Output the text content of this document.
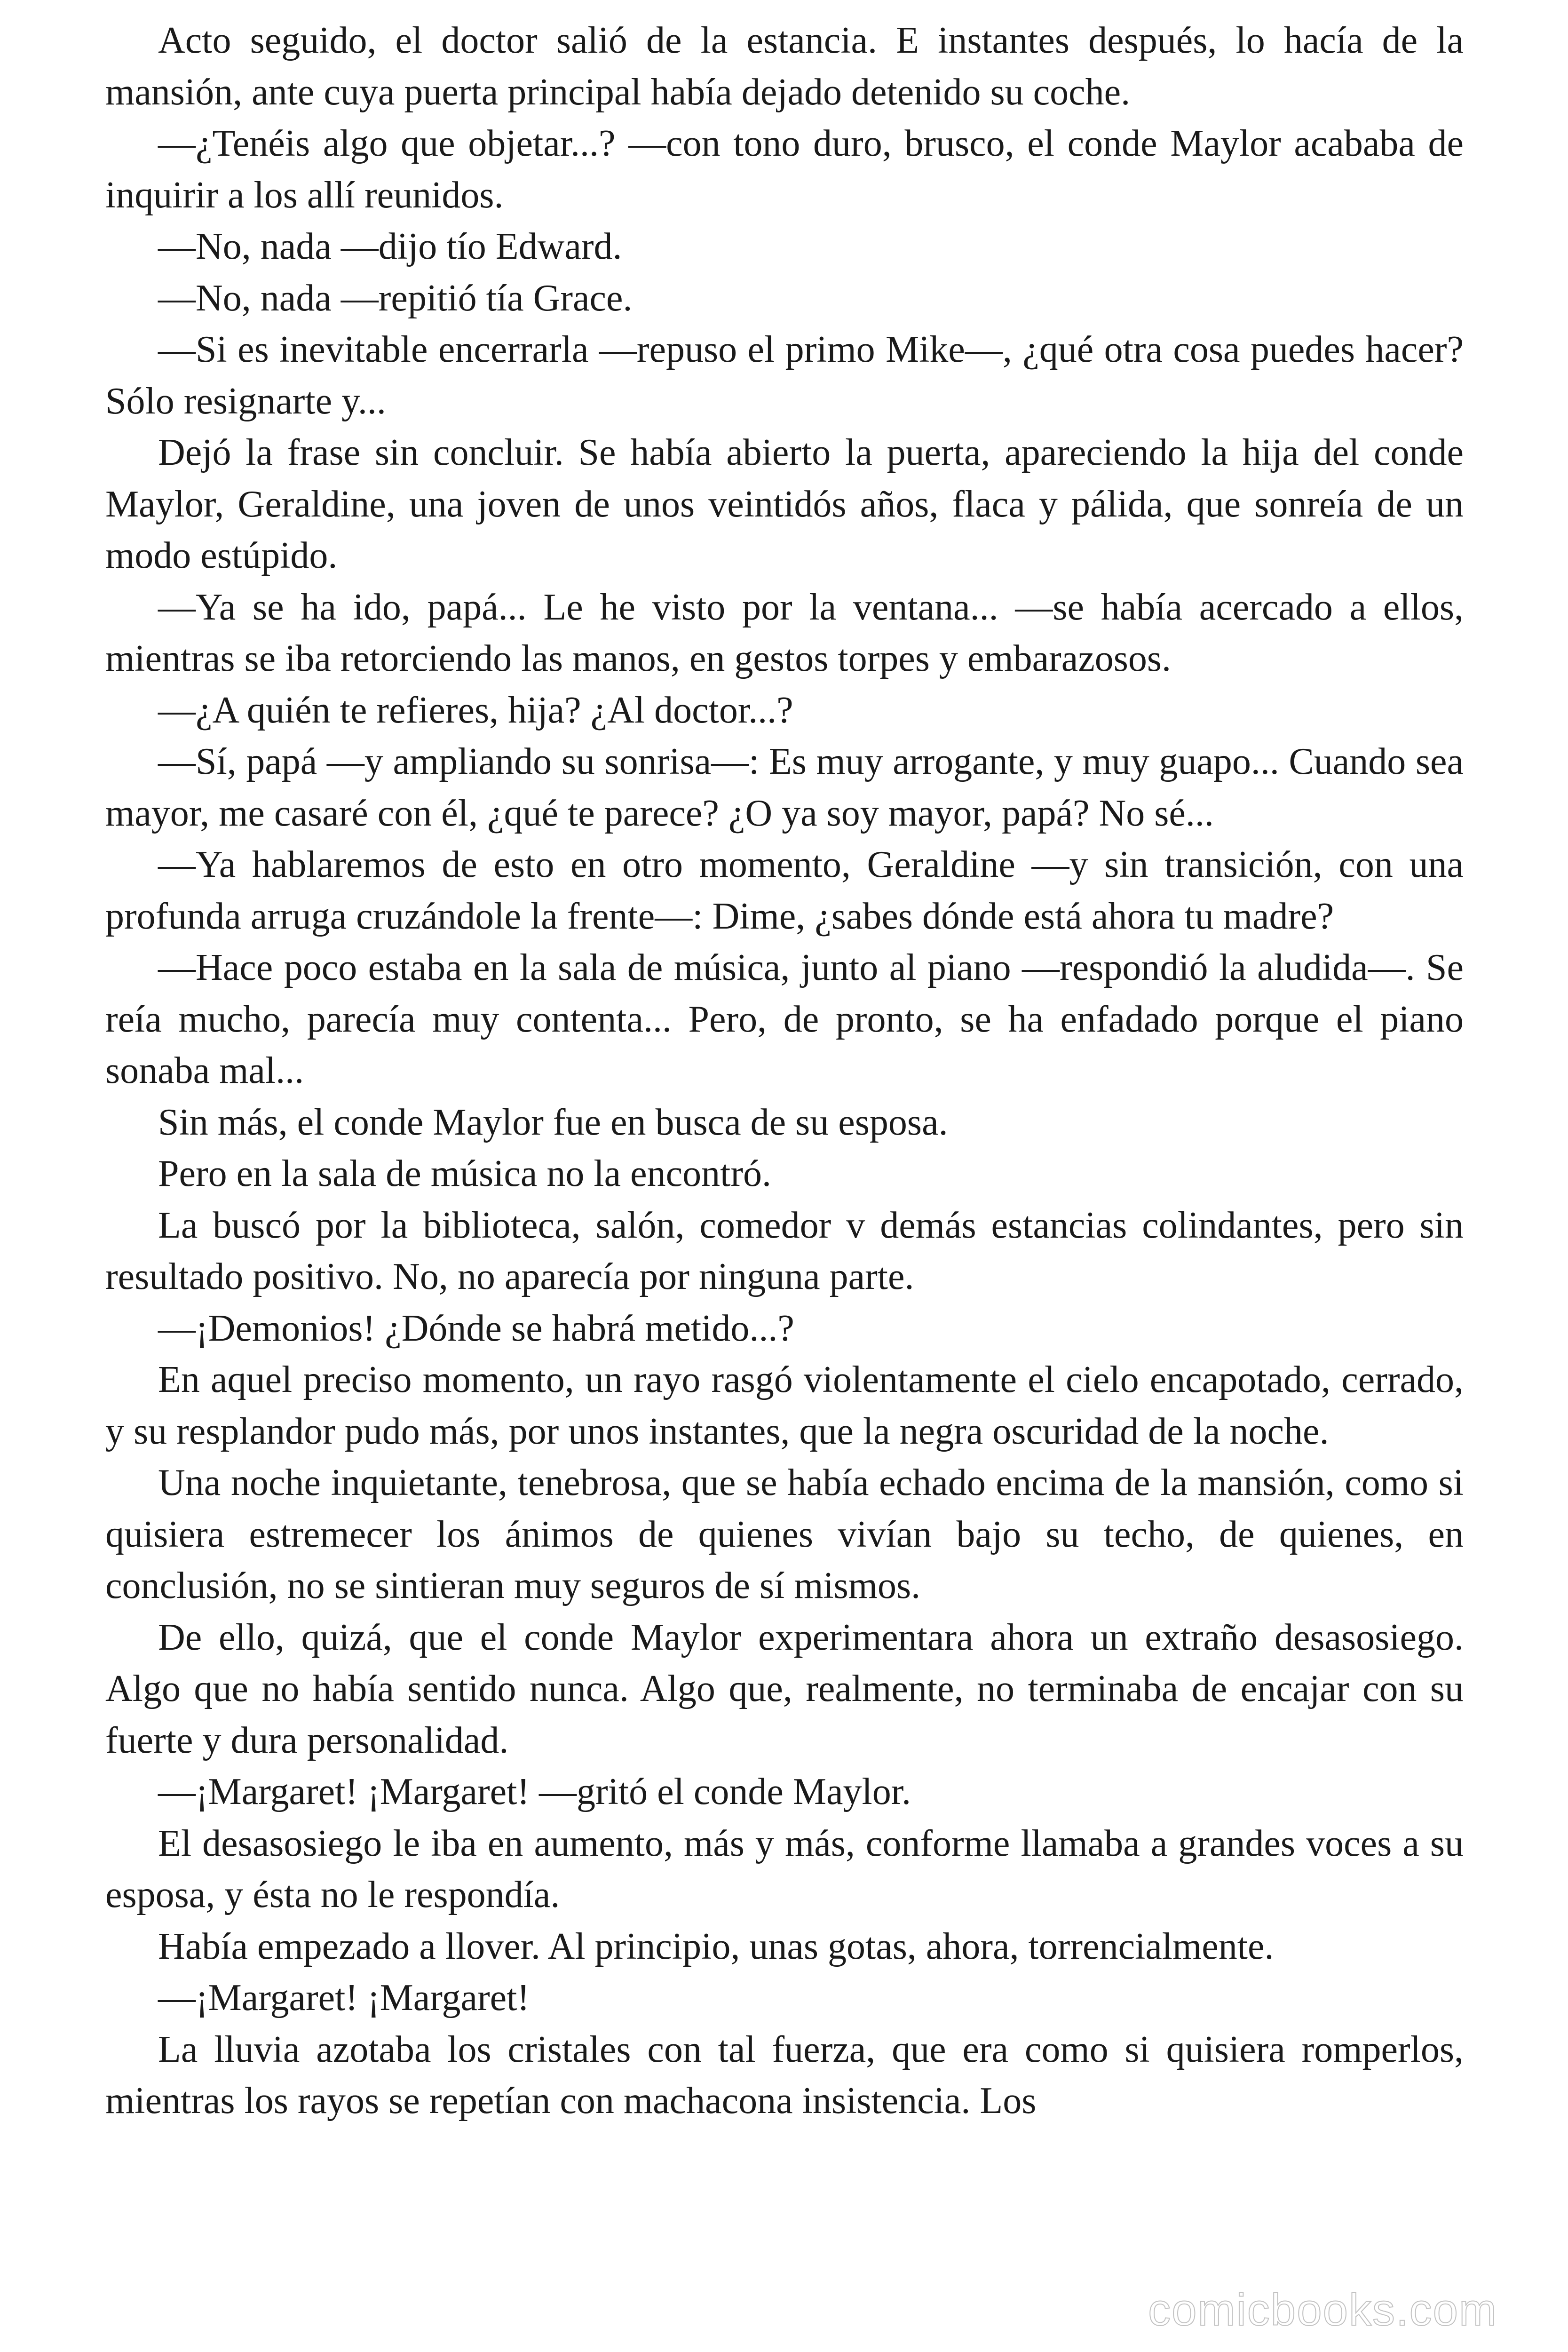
Acto seguido, el doctor salió de la estancia. E instantes después, lo hacía de la mansión, ante cuya puerta principal había dejado detenido su coche.

—¿Tenéis algo que objetar...? —con tono duro, brusco, el conde Maylor acababa de inquirir a los allí reunidos.

—No, nada —dijo tío Edward.

—No, nada —repitió tía Grace.

—Si es inevitable encerrarla —repuso el primo Mike—, ¿qué otra cosa puedes hacer? Sólo resignarte y...

Dejó la frase sin concluir. Se había abierto la puerta, apareciendo la hija del conde Maylor, Geraldine, una joven de unos veintidós años, flaca y pálida, que sonreía de un modo estúpido.

—Ya se ha ido, papá... Le he visto por la ventana... —se había acercado a ellos, mientras se iba retorciendo las manos, en gestos torpes y embarazosos.

—¿A quién te refieres, hija? ¿Al doctor...?

—Sí, papá —y ampliando su sonrisa—: Es muy arrogante, y muy guapo... Cuando sea mayor, me casaré con él, ¿qué te parece? ¿O ya soy mayor, papá? No sé...

—Ya hablaremos de esto en otro momento, Geraldine —y sin transición, con una profunda arruga cruzándole la frente—: Dime, ¿sabes dónde está ahora tu madre?

—Hace poco estaba en la sala de música, junto al piano —respondió la aludida—. Se reía mucho, parecía muy contenta... Pero, de pronto, se ha enfadado porque el piano sonaba mal...

Sin más, el conde Maylor fue en busca de su esposa.

Pero en la sala de música no la encontró.

La buscó por la biblioteca, salón, comedor v demás estancias colindantes, pero sin resultado positivo. No, no aparecía por ninguna parte.

—¡Demonios! ¿Dónde se habrá metido...?

En aquel preciso momento, un rayo rasgó violentamente el cielo encapotado, cerrado, y su resplandor pudo más, por unos instantes, que la negra oscuridad de la noche.

Una noche inquietante, tenebrosa, que se había echado encima de la mansión, como si quisiera estremecer los ánimos de quienes vivían bajo su techo, de quienes, en conclusión, no se sintieran muy seguros de sí mismos.

De ello, quizá, que el conde Maylor experimentara ahora un extraño desasosiego. Algo que no había sentido nunca. Algo que, realmente, no terminaba de encajar con su fuerte y dura personalidad.

—¡Margaret! ¡Margaret! —gritó el conde Maylor.

El desasosiego le iba en aumento, más y más, conforme llamaba a grandes voces a su esposa, y ésta no le respondía.

Había empezado a llover. Al principio, unas gotas, ahora, torrencialmente.

—¡Margaret! ¡Margaret!

La lluvia azotaba los cristales con tal fuerza, que era como si quisiera romperlos, mientras los rayos se repetían con machacona insistencia. Los

comicbooks.com
